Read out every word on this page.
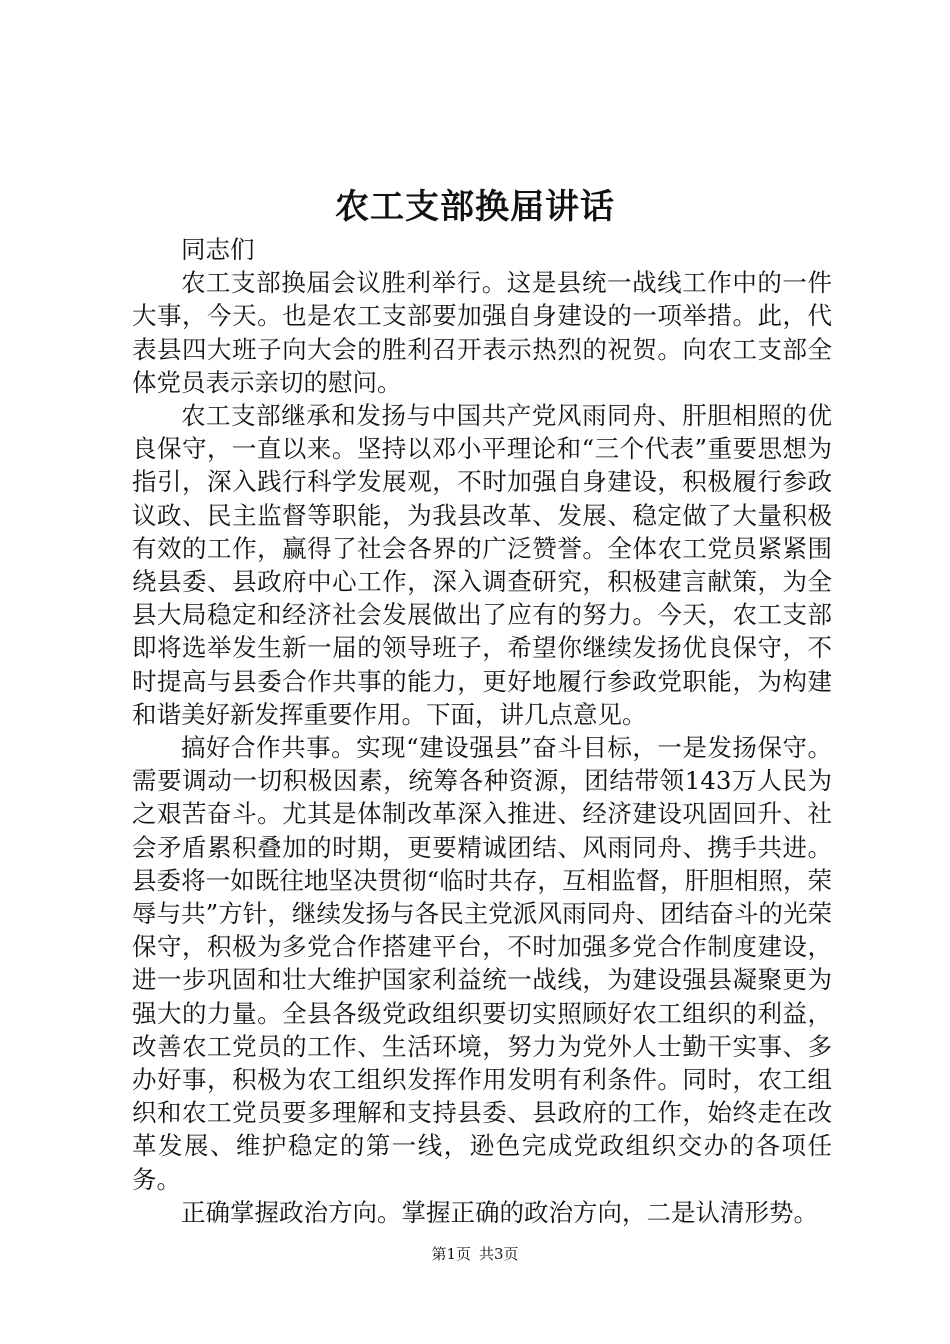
农工支部换届讲话

同志们

农工支部换届会议胜利举行。这是县统一战线工作中的一件大事，今天。也是农工支部要加强自身建设的一项举措。此，代表县四大班子向大会的胜利召开表示热烈的祝贺。向农工支部全体党员表示亲切的慰问。

农工支部继承和发扬与中国共产党风雨同舟、肝胆相照的优良保守，一直以来。坚持以邓小平理论和“三个代表”重要思想为指引，深入践行科学发展观，不时加强自身建设，积极履行参政议政、民主监督等职能，为我县改革、发展、稳定做了大量积极有效的工作，赢得了社会各界的广泛赞誉。全体农工党员紧紧围绕县委、县政府中心工作，深入调查研究，积极建言献策，为全县大局稳定和经济社会发展做出了应有的努力。今天，农工支部即将选举发生新一届的领导班子，希望你继续发扬优良保守，不时提高与县委合作共事的能力，更好地履行参政党职能，为构建和谐美好新发挥重要作用。下面，讲几点意见。

搞好合作共事。实现“建设强县”奋斗目标，一是发扬保守。需要调动一切积极因素，统筹各种资源，团结带领143万人民为之艰苦奋斗。尤其是体制改革深入推进、经济建设巩固回升、社会矛盾累积叠加的时期，更要精诚团结、风雨同舟、携手共进。县委将一如既往地坚决贯彻“临时共存，互相监督，肝胆相照，荣辱与共”方针，继续发扬与各民主党派风雨同舟、团结奋斗的光荣保守，积极为多党合作搭建平台，不时加强多党合作制度建设，进一步巩固和壮大维护国家利益统一战线，为建设强县凝聚更为强大的力量。全县各级党政组织要切实照顾好农工组织的利益，改善农工党员的工作、生活环境，努力为党外人士勤干实事、多办好事，积极为农工组织发挥作用发明有利条件。同时，农工组织和农工党员要多理解和支持县委、县政府的工作，始终走在改革发展、维护稳定的第一线，逊色完成党政组织交办的各项任务。

正确掌握政治方向。掌握正确的政治方向，二是认清形势。

第1页 共3页
